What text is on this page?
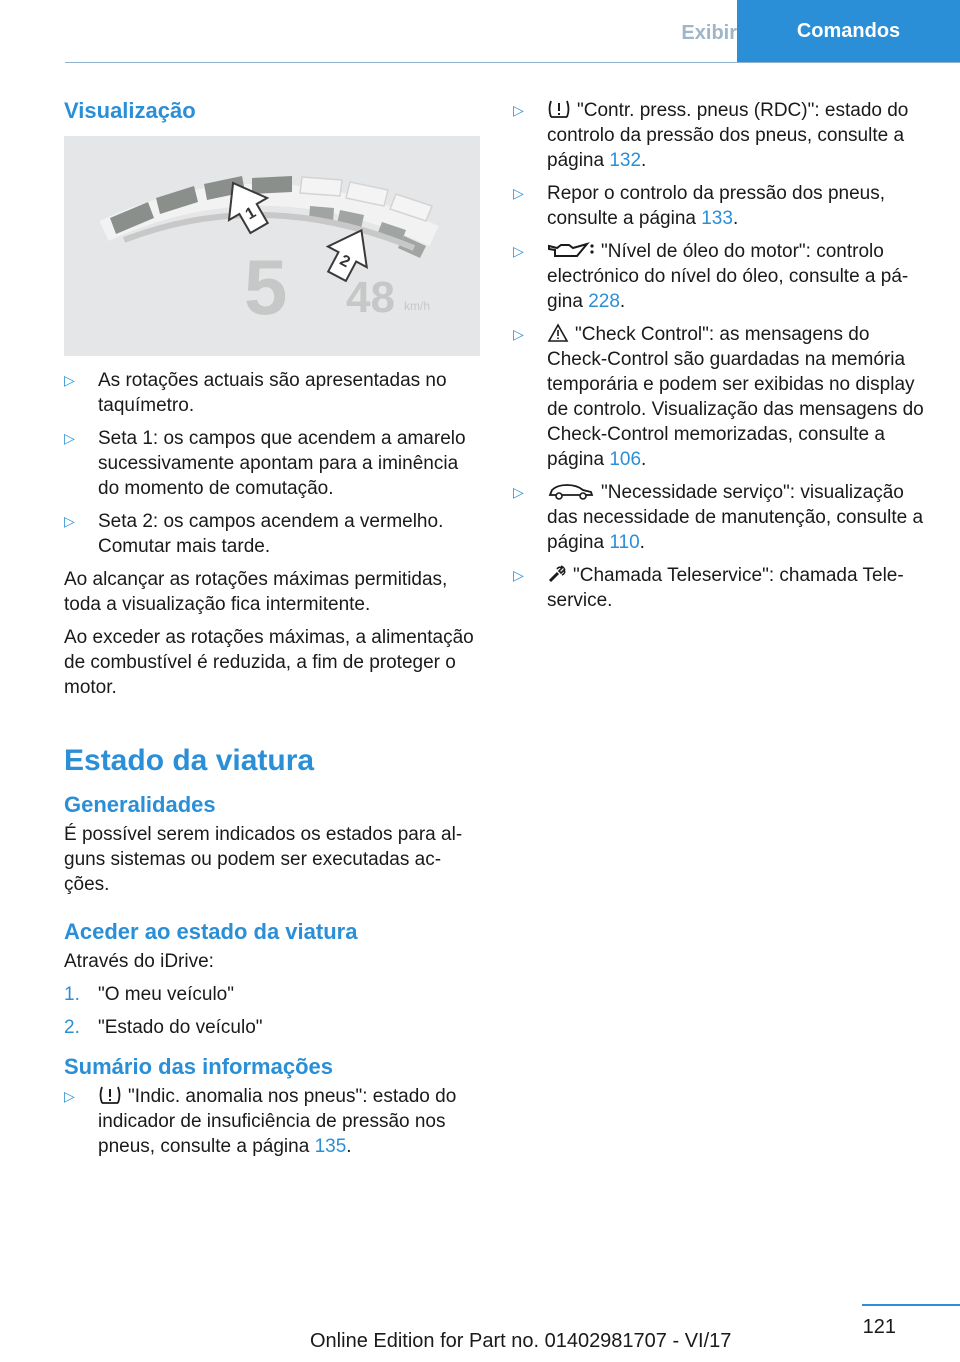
Exibir	Comandos
Visualização
1
2
5 48 km/h
▷ As rotações actuais são apresentadas no taquímetro.
▷ Seta 1: os campos que acendem a amarelo sucessivamente apontam para a iminência do momento de comutação.
▷ Seta 2: os campos acendem a vermelho. Comutar mais tarde.

Ao alcançar as rotações máximas permitidas, toda a visualização fica intermitente.

Ao exceder as rotações máximas, a alimentação de combustível é reduzida, a fim de proteger o motor.

Estado da viatura
Generalidades

É possível serem indicados os estados para alguns sistemas ou podem ser executadas acções.

Aceder ao estado da viatura

Através do iDrive:

1. "O meu veículo"
2. "Estado do veículo"
Sumário das informações
▷	"Indic. anomalia nos pneus": estado do indicador de insuficiência de pressão nos pneus, consulte a página 135.
▷	"Contr. press. pneus (RDC)": estado do controlo da pressão dos pneus, consulte a página 132.
▷ Repor o controlo da pressão dos pneus, consulte a página 133.
▷	"Nível de óleo do motor": controlo electrónico do nível do óleo, consulte a página 228.
▷	"Check Control": as mensagens do Check-Control são guardadas na memória temporária e podem ser exibidas no display de controlo. Visualização das mensagens do Check-Control memorizadas, consulte a página 106.
▷	"Necessidade serviço": visualização das necessidade de manutenção, consulte a página 110.
▷	"Chamada Teleservice": chamada Teleservice.
121
Online Edition for Part no. 01402981707 - VI/17
